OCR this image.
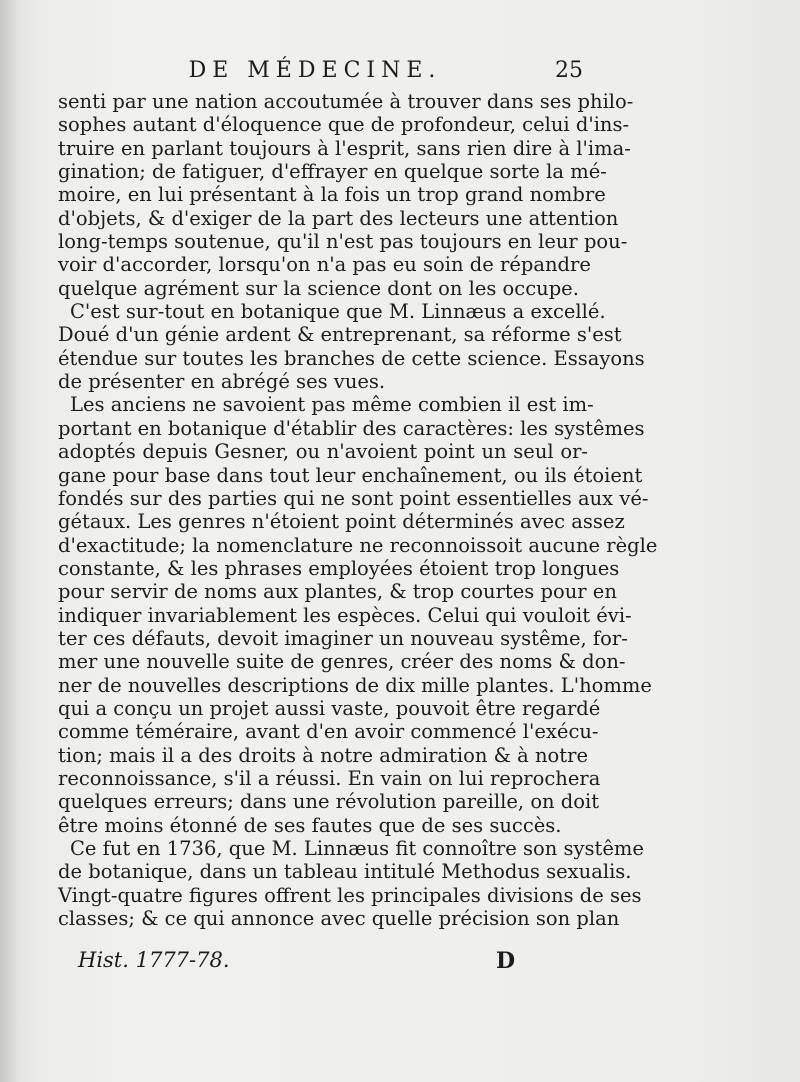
DE MÉDECINE.	25
senti par une nation accoutumée à trouver dans ses philo-
sophes autant d'éloquence que de profondeur, celui d'ins-
truire en parlant toujours à l'esprit, sans rien dire à l'ima-
gination; de fatiguer, d'effrayer en quelque sorte la mé-
moire, en lui présentant à la fois un trop grand nombre
d'objets, & d'exiger de la part des lecteurs une attention
long-temps soutenue, qu'il n'est pas toujours en leur pou-
voir d'accorder, lorsqu'on n'a pas eu soin de répandre
quelque agrément sur la science dont on les occupe.
C'est sur-tout en botanique que M. Linnæus a excellé.
Doué d'un génie ardent & entreprenant, sa réforme s'est
étendue sur toutes les branches de cette science. Essayons
de présenter en abrégé ses vues.
Les anciens ne savoient pas même combien il est im-
portant en botanique d'établir des caractères: les systêmes
adoptés depuis Gesner, ou n'avoient point un seul or-
gane pour base dans tout leur enchaînement, ou ils étoient
fondés sur des parties qui ne sont point essentielles aux vé-
gétaux. Les genres n'étoient point déterminés avec assez
d'exactitude; la nomenclature ne reconnoissoit aucune règle
constante, & les phrases employées étoient trop longues
pour servir de noms aux plantes, & trop courtes pour en
indiquer invariablement les espèces. Celui qui vouloit évi-
ter ces défauts, devoit imaginer un nouveau systême, for-
mer une nouvelle suite de genres, créer des noms & don-
ner de nouvelles descriptions de dix mille plantes. L'homme
qui a conçu un projet aussi vaste, pouvoit être regardé
comme téméraire, avant d'en avoir commencé l'exécu-
tion; mais il a des droits à notre admiration & à notre
reconnoissance, s'il a réussi. En vain on lui reprochera
quelques erreurs; dans une révolution pareille, on doit
être moins étonné de ses fautes que de ses succès.
Ce fut en 1736, que M. Linnæus fit connoître son systême
de botanique, dans un tableau intitulé Methodus sexualis.
Vingt-quatre figures offrent les principales divisions de ses
classes; & ce qui annonce avec quelle précision son plan
Hist. 1777-78.	D
